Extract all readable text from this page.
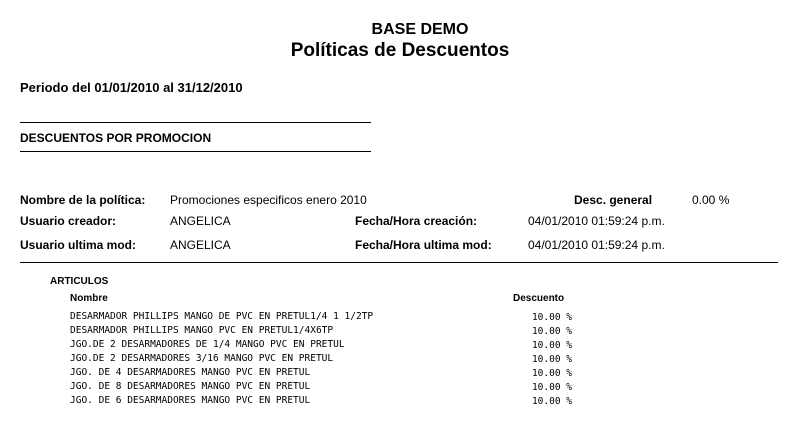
BASE DEMO
Políticas de Descuentos
Periodo del 01/01/2010 al 31/12/2010
DESCUENTOS POR PROMOCION
Nombre de la política: Promociones especificos enero 2010	Desc. general	0.00 %
Usuario creador:	ANGELICA	Fecha/Hora creación:	04/01/2010 01:59:24 p.m.
Usuario ultima mod:	ANGELICA	Fecha/Hora ultima mod:	04/01/2010 01:59:24 p.m.
ARTICULOS
Nombre	Descuento
DESARMADOR PHILLIPS MANGO DE PVC EN PRETUL1/4 1 1/2TP	10.00 %
DESARMADOR PHILLIPS MANGO PVC EN PRETUL1/4X6TP	10.00 %
JGO.DE 2 DESARMADORES DE 1/4 MANGO PVC EN PRETUL	10.00 %
JGO.DE 2 DESARMADORES 3/16 MANGO PVC EN PRETUL	10.00 %
JGO. DE 4 DESARMADORES MANGO PVC EN PRETUL	10.00 %
JGO. DE 8 DESARMADORES MANGO PVC EN PRETUL	10.00 %
JGO. DE 6 DESARMADORES MANGO PVC EN PRETUL	10.00 %
